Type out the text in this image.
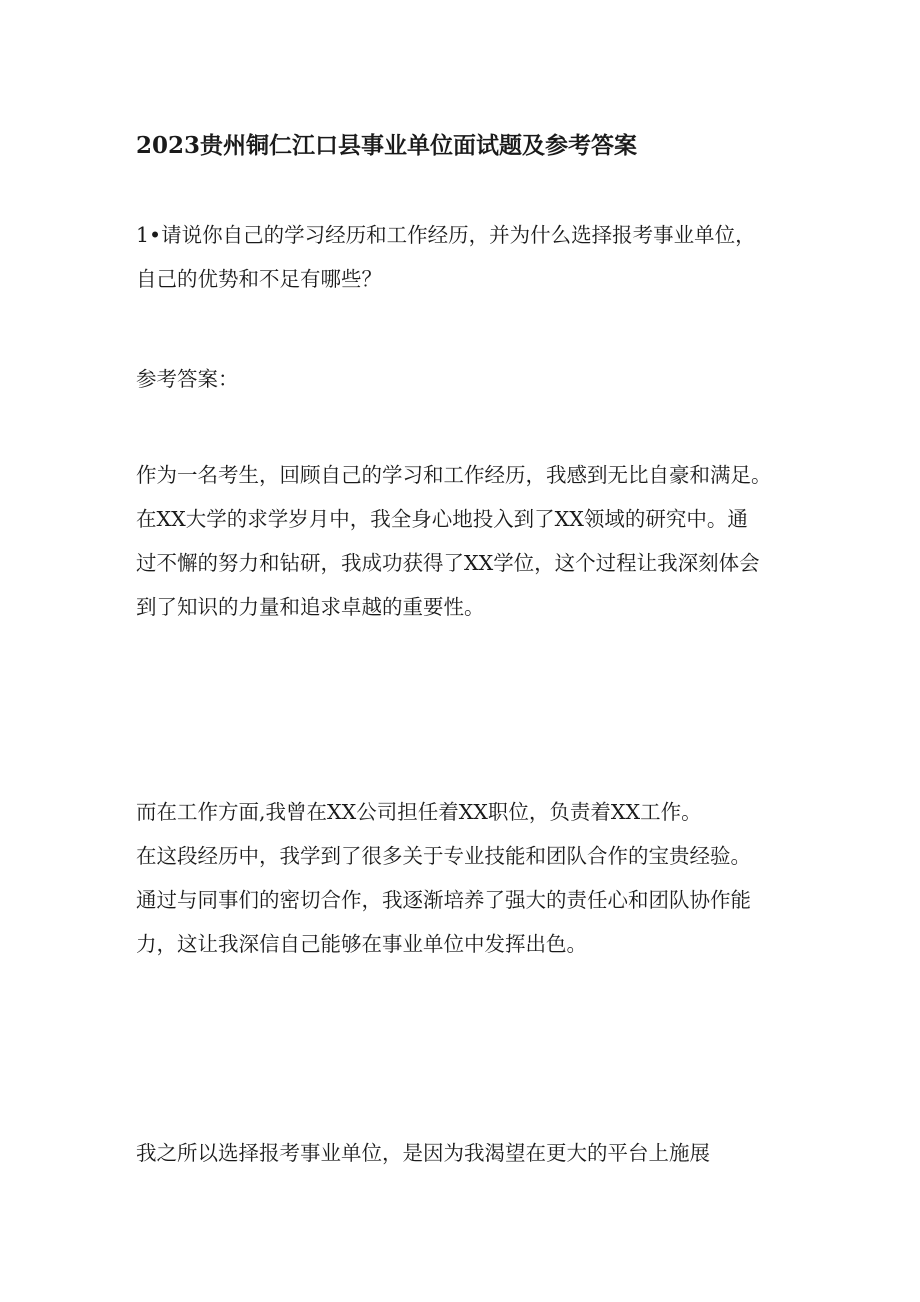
2023贵州铜仁江口县事业单位面试题及参考答案
1•请说你自己的学习经历和工作经历，并为什么选择报考事业单位，
自己的优势和不足有哪些？
参考答案：
作为一名考生，回顾自己的学习和工作经历，我感到无比自豪和满足。
在XX大学的求学岁月中，我全身心地投入到了XX领域的研究中。通
过不懈的努力和钻研，我成功获得了XX学位，这个过程让我深刻体会
到了知识的力量和追求卓越的重要性。
而在工作方面,我曾在XX公司担任着XX职位，负责着XX工作。
在这段经历中，我学到了很多关于专业技能和团队合作的宝贵经验。
通过与同事们的密切合作，我逐渐培养了强大的责任心和团队协作能
力，这让我深信自己能够在事业单位中发挥出色。
我之所以选择报考事业单位，是因为我渴望在更大的平台上施展
